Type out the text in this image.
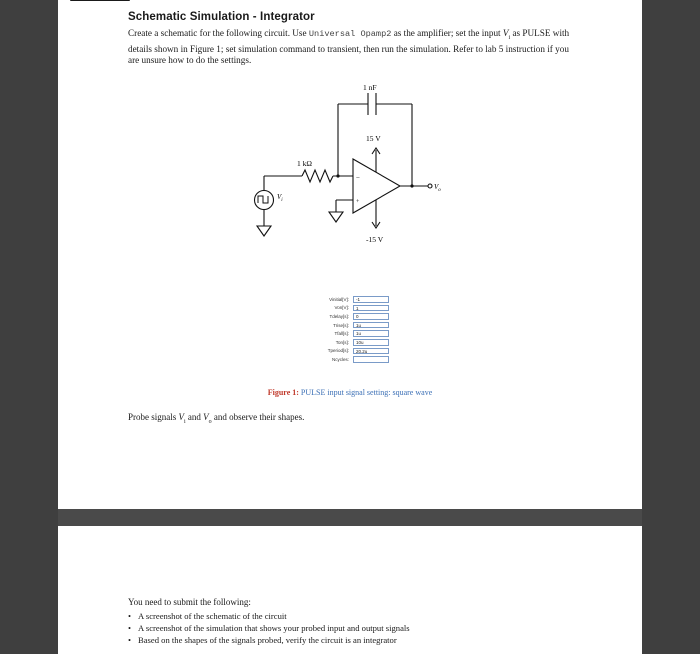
Schematic Simulation - Integrator
Create a schematic for the following circuit. Use Universal Opamp2 as the amplifier; set the input $V_i$ as PULSE with details shown in Figure 1; set simulation command to transient, then run the simulation. Refer to lab 5 instruction if you are unsure how to do the settings.
1 nF
1 kΩ
15 V
-15 V
−
+
$V_i$
$V_o$
Vinitial[V]:	-1
Von[V]:	1
Tdelay[s]:	0
Trise[s]:	1u
Tfall[s]:	1u
Ton[s]:	10u
Tperiod[s]:	20.2u
Ncycles:
Figure 1: PULSE input signal setting: square wave
Probe signals $V_i$ and $V_o$ and observe their shapes.
You need to submit the following:
• A screenshot of the schematic of the circuit
• A screenshot of the simulation that shows your probed input and output signals
• Based on the shapes of the signals probed, verify the circuit is an integrator
